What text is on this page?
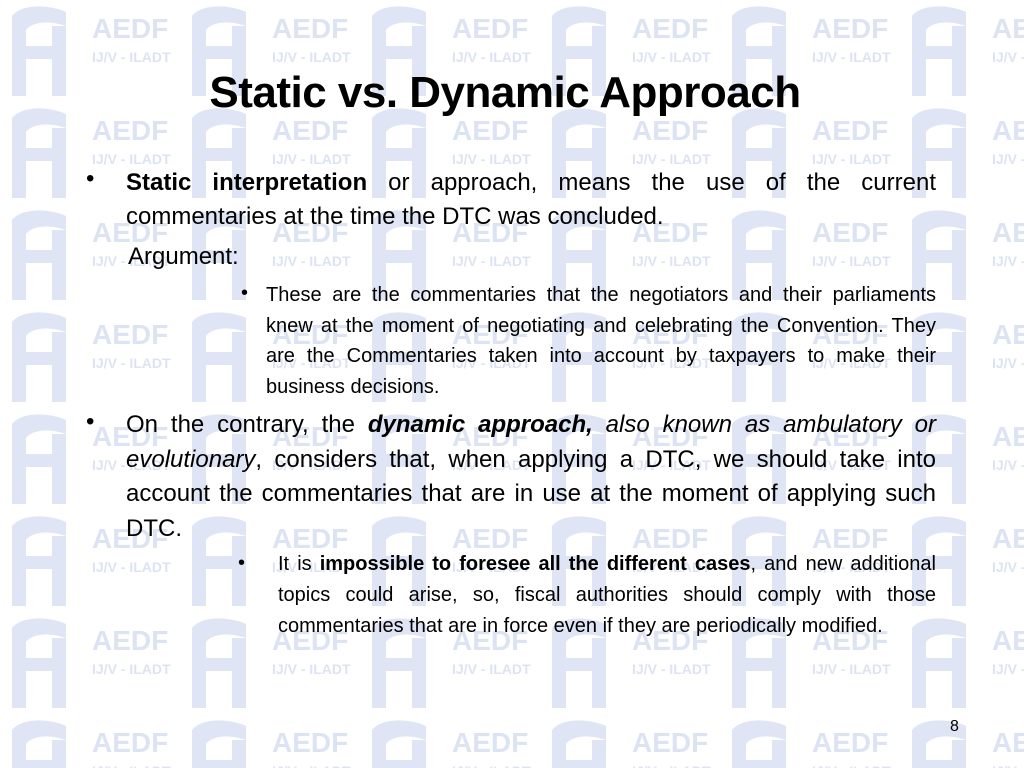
Static vs. Dynamic Approach
• Static interpretation or approach, means the use of the current commentaries at the time the DTC was concluded.
Argument:
• These are the commentaries that the negotiators and their parliaments knew at the moment of negotiating and celebrating the Convention. They are the Commentaries taken into account by taxpayers to make their business decisions.
• On the contrary, the dynamic approach, also known as ambulatory or evolutionary, considers that, when applying a DTC, we should take into account the commentaries that are in use at the moment of applying such DTC.
• It is impossible to foresee all the different cases, and new additional topics could arise, so, fiscal authorities should comply with those commentaries that are in force even if they are periodically modified.
8
